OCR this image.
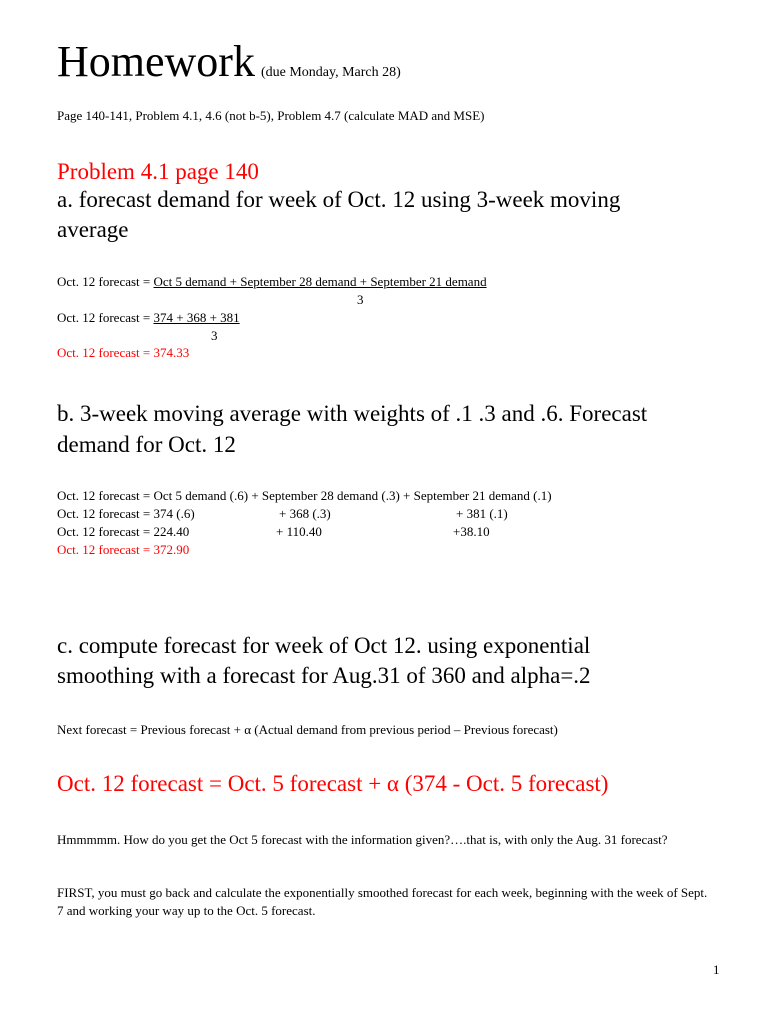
Homework (due Monday, March 28)
Page 140-141, Problem 4.1, 4.6 (not b-5), Problem 4.7 (calculate MAD and MSE)
Problem 4.1 page 140
a. forecast demand for week of Oct. 12 using 3-week moving
average
Oct. 12 forecast = Oct 5 demand + September 28 demand + September 21 demand
3
Oct. 12 forecast = 374 + 368 + 381
3
Oct. 12 forecast = 374.33
b. 3-week moving average with weights of .1 .3 and .6. Forecast
demand for Oct. 12
Oct. 12 forecast = Oct 5 demand (.6) + September 28 demand (.3) + September 21 demand (.1)
Oct. 12 forecast = 374 (.6)	+ 368 (.3)	+ 381 (.1)
Oct. 12 forecast = 224.40	+ 110.40	+38.10
Oct. 12 forecast = 372.90
c. compute forecast for week of Oct 12. using exponential
smoothing with a forecast for Aug.31 of 360 and alpha=.2
Next forecast = Previous forecast + α (Actual demand from previous period – Previous forecast)
Oct. 12 forecast = Oct. 5 forecast + α (374 - Oct. 5 forecast)
Hmmmmm. How do you get the Oct 5 forecast with the information given?….that is, with only the Aug. 31 forecast?
FIRST, you must go back and calculate the exponentially smoothed forecast for each week, beginning with the week of Sept. 7 and working your way up to the Oct. 5 forecast.
1
